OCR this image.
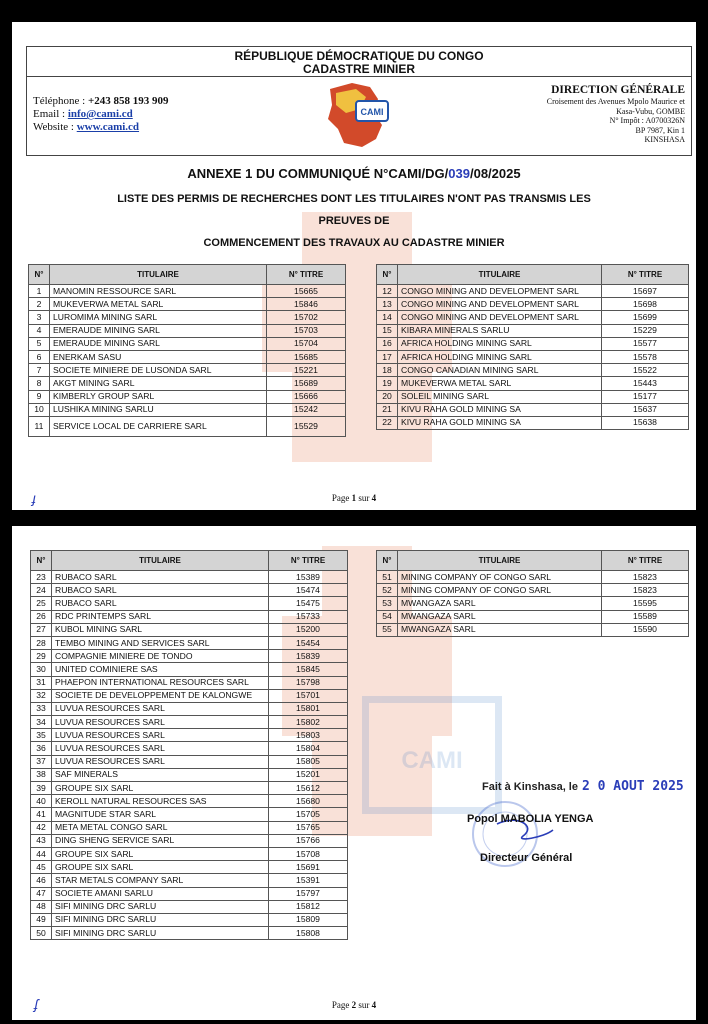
RÉPUBLIQUE DÉMOCRATIQUE DU CONGO
CADASTRE MINIER
Téléphone : +243 858 193 909
Email : info@cami.cd
Website : www.cami.cd
CAMI
DIRECTION GÉNÉRALE
Croisement des Avenues Mpolo Maurice et
Kasa-Vubu, GOMBE
N° Impôt : A0700326N
BP 7987, Kin 1
KINSHASA
ANNEXE 1 DU COMMUNIQUÉ N°CAMI/DG/039/08/2025
LISTE DES PERMIS DE RECHERCHES DONT LES TITULAIRES N'ONT PAS TRANSMIS LES PREUVES DE
COMMENCEMENT DES TRAVAUX AU CADASTRE MINIER
N°	TITULAIRE	N° TITRE
1	MANOMIN RESSOURCE SARL	15665
2	MUKEVERWA METAL SARL	15846
3	LUROMIMA MINING SARL	15702
4	EMERAUDE MINING SARL	15703
5	EMERAUDE MINING SARL	15704
6	ENERKAM SASU	15685
7	SOCIETE MINIERE DE LUSONDA SARL	15221
8	AKGT MINING SARL	15689
9	KIMBERLY GROUP SARL	15666
10	LUSHIKA MINING SARLU	15242
11	SERVICE LOCAL DE CARRIERE SARL	15529
N°	TITULAIRE	N° TITRE
12	CONGO MINING AND DEVELOPMENT SARL	15697
13	CONGO MINING AND DEVELOPMENT SARL	15698
14	CONGO MINING AND DEVELOPMENT SARL	15699
15	KIBARA MINERALS SARLU	15229
16	AFRICA HOLDING MINING SARL	15577
17	AFRICA HOLDING MINING SARL	15578
18	CONGO CANADIAN MINING SARL	15522
19	MUKEVERWA METAL SARL	15443
20	SOLEIL MINING SARL	15177
21	KIVU RAHA GOLD MINING SA	15637
22	KIVU RAHA GOLD MINING SA	15638
ɟ	Page 1 sur 4
CAMI
N°	TITULAIRE	N° TITRE
23	RUBACO SARL	15389
24	RUBACO SARL	15474
25	RUBACO SARL	15475
26	RDC PRINTEMPS SARL	15733
27	KUBOL MINING SARL	15200
28	TEMBO MINING AND SERVICES SARL	15454
29	COMPAGNIE MINIERE DE TONDO	15839
30	UNITED COMINIERE SAS	15845
31	PHAEPON INTERNATIONAL RESOURCES SARL	15798
32	SOCIETE DE DEVELOPPEMENT DE KALONGWE	15701
33	LUVUA RESOURCES SARL	15801
34	LUVUA RESOURCES SARL	15802
35	LUVUA RESOURCES SARL	15803
36	LUVUA RESOURCES SARL	15804
37	LUVUA RESOURCES SARL	15805
38	SAF MINERALS	15201
39	GROUPE SIX SARL	15612
40	KEROLL NATURAL RESOURCES SAS	15680
41	MAGNITUDE STAR SARL	15705
42	META METAL CONGO SARL	15765
43	DING SHENG SERVICE SARL	15766
44	GROUPE SIX SARL	15708
45	GROUPE SIX SARL	15691
46	STAR METALS COMPANY SARL	15391
47	SOCIETE AMANI SARLU	15797
48	SIFI MINING DRC SARLU	15812
49	SIFI MINING DRC SARLU	15809
50	SIFI MINING DRC SARLU	15808
N°	TITULAIRE	N° TITRE
51	MINING COMPANY OF CONGO SARL	15823
52	MINING COMPANY OF CONGO SARL	15823
53	MWANGAZA SARL	15595
54	MWANGAZA SARL	15589
55	MWANGAZA SARL	15590
Fait à Kinshasa, le 2 0 AOUT 2025
Popol MABOLIA YENGA
Directeur Général
ʄ	Page 2 sur 4
